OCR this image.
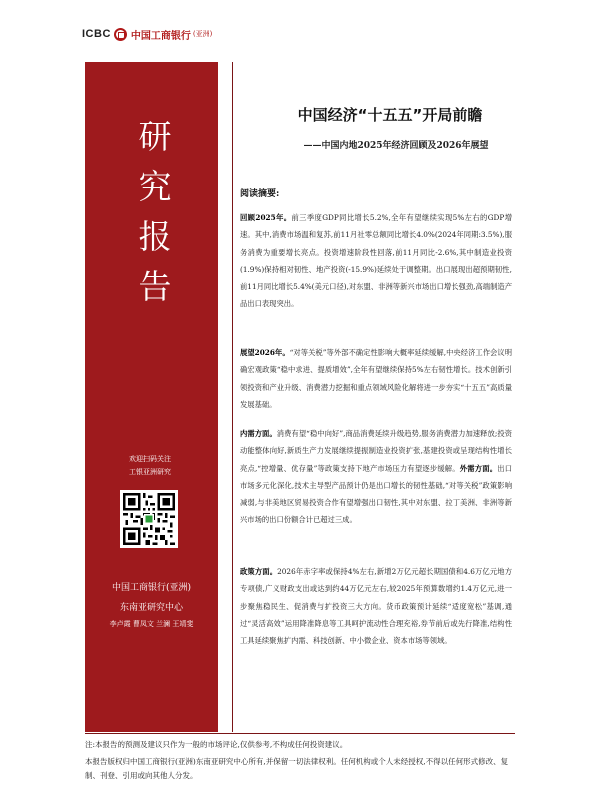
ICBC 中国工商银行 (亚洲)
研
究
报
告
欢迎扫码关注
工银亚洲研究
中国工商银行(亚洲)
东南亚研究中心
李卢霞 曹凤文 兰澜 王靖斐
中国经济“十五五”开局前瞻
——中国内地2025年经济回顾及2026年展望
阅读摘要:
回顾2025年。前三季度GDP同比增长5.2%,全年有望继续实现5%左右的GDP增速。其中,消费市场温和复苏,前11月社零总额同比增长4.0%(2024年同期:3.5%),服务消费为重要增长亮点。投资增速阶段性回落,前11月同比-2.6%,其中制造业投资(1.9%)保持相对韧性、地产投资(-15.9%)延续处于调整期。出口展现出超预期韧性,前11月同比增长5.4%(美元口径),对东盟、非洲等新兴市场出口增长强劲,高端制造产品出口表现突出。
展望2026年。“对等关税”等外部不确定性影响大概率延续缓解,中央经济工作会议明确宏观政策“稳中求进、提质增效”,全年有望继续保持5%左右韧性增长。技术创新引领投资和产业升级、消费潜力挖掘和重点领域风险化解将进一步夯实“十五五”高质量发展基础。
内需方面。消费有望“稳中向好”,商品消费延续升级趋势,服务消费潜力加速释放;投资动能整体向好,新质生产力发展继续提振制造业投资扩张,基建投资或呈现结构性增长亮点,“控增量、优存量”等政策支持下地产市场压力有望逐步缓解。外需方面。出口市场多元化深化,技术主导型产品预计仍是出口增长的韧性基础,“对等关税”政策影响减弱,与非美地区贸易投资合作有望增强出口韧性,其中对东盟、拉丁美洲、非洲等新兴市场的出口份额合计已超过三成。
政策方面。2026年赤字率或保持4%左右,新增2万亿元超长期国债和4.6万亿元地方专项债,广义财政支出或达到约44万亿元左右,较2025年预算数增约1.4万亿元,进一步聚焦稳民生、促消费与扩投资三大方向。货币政策预计延续“适度宽松”基调,通过“灵活高效”运用降准降息等工具呵护流动性合理充裕,券节前后或先行降准,结构性工具延续聚焦扩内需、科技创新、中小微企业、资本市场等领域。
注:本报告的预测及建议只作为一般的市场评论,仅供参考,不构成任何投资建议。
本报告版权归中国工商银行(亚洲)东南亚研究中心所有,并保留一切法律权利。任何机构或个人未经授权,不得以任何形式修改、复制、刊登、引用或向其他人分发。
